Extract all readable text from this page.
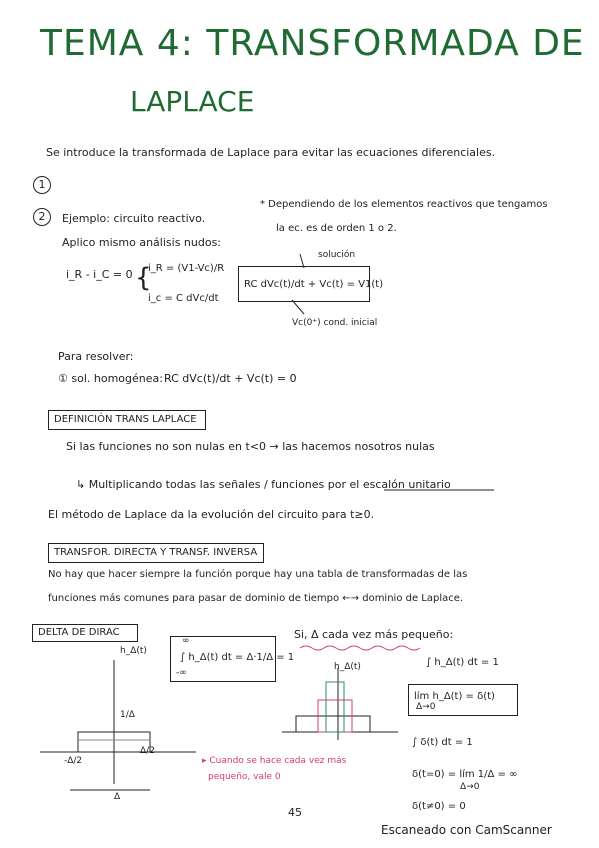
TEMA 4: TRANSFORMADA DE
LAPLACE
Se introduce la transformada de Laplace para evitar las ecuaciones diferenciales.
1
2	Ejemplo: circuito reactivo.
Aplico mismo análisis nudos:
* Dependiendo de los elementos reactivos que tengamos
la ec. es de orden 1 o 2.
i_R - i_C = 0 {
i_R = (V1-Vc)/R
i_c = C dVc/dt
solución
RC dVc(t)/dt + Vc(t) = V1(t)
Vc(0⁺) cond. inicial
Para resolver:
① sol. homogénea: RC dVc(t)/dt + Vc(t) = 0
DEFINICIÓN TRANS LAPLACE
Si las funciones no son nulas en t<0 → las hacemos nosotros nulas
↳ Multiplicando todas las señales / funciones por el escalón unitario
El método de Laplace da la evolución del circuito para t≥0.
TRANSFOR. DIRECTA Y TRANSF. INVERSA
No hay que hacer siempre la función porque hay una tabla de transformadas de las
funciones más comunes para pasar de dominio de tiempo ←→ dominio de Laplace.
DELTA DE DIRAC
∞
-∞
∫ h_Δ(t) dt = Δ·1/Δ = 1
h_Δ(t)
1/Δ
-Δ/2
Δ/2
Δ
▸ Cuando se hace cada vez más
pequeño, vale 0
Si, Δ cada vez más pequeño:
h_Δ(t)	∫ h_Δ(t) dt = 1
lím h_Δ(t) = δ(t)
Δ→0
∫ δ(t) dt = 1
δ(t=0) = lím 1/Δ = ∞
Δ→0
δ(t≠0) = 0
45
Escaneado con CamScanner
